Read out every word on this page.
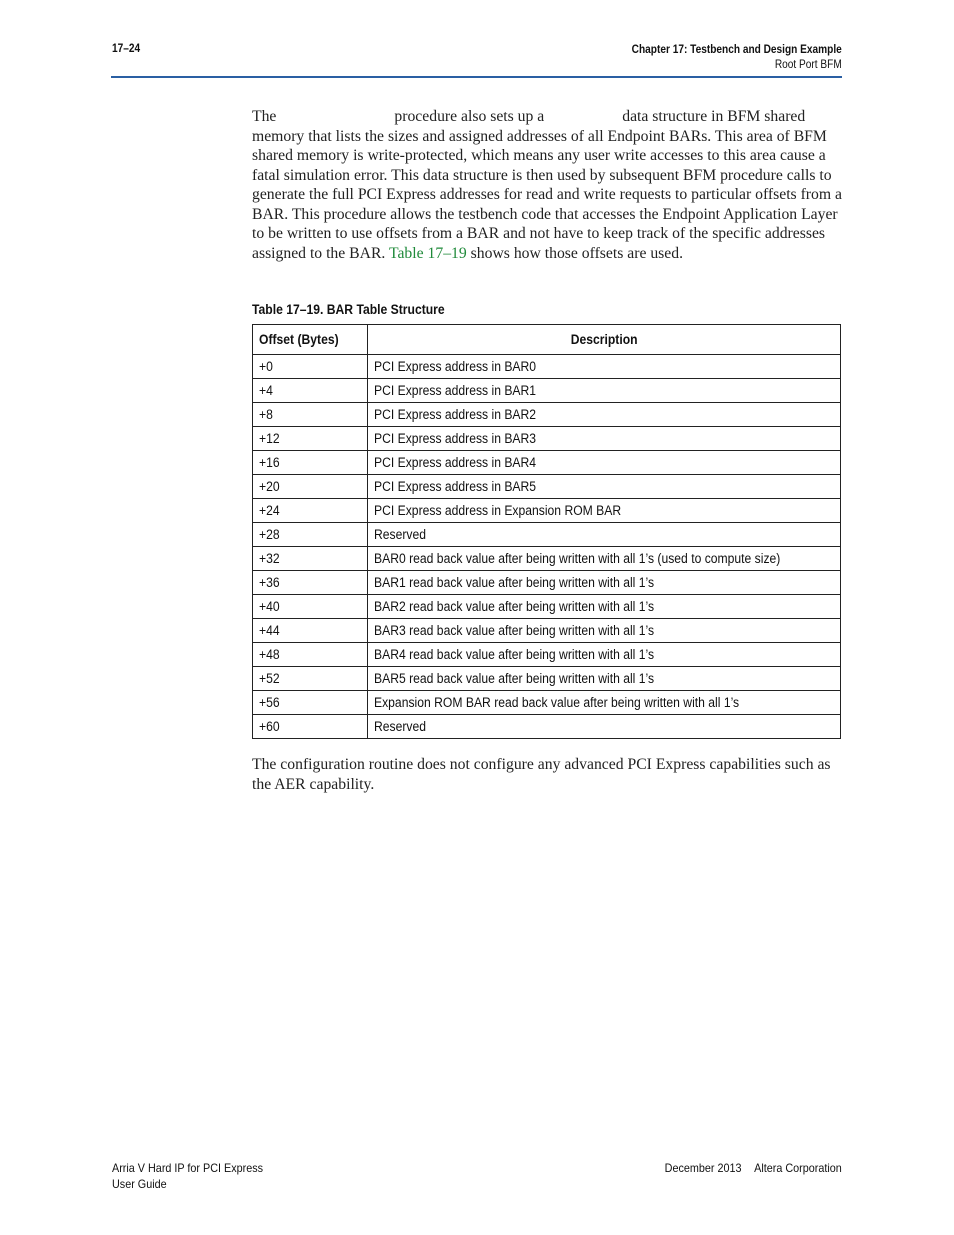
17–24	Chapter 17: Testbench and Design Example
Root Port BFM

The	procedure also sets up a	data structure in BFM shared memory that lists the sizes and assigned addresses of all Endpoint BARs. This area of BFM shared memory is write-protected, which means any user write accesses to this area cause a fatal simulation error. This data structure is then used by subsequent BFM procedure calls to generate the full PCI Express addresses for read and write requests to particular offsets from a BAR. This procedure allows the testbench code that accesses the Endpoint Application Layer to be written to use offsets from a BAR and not have to keep track of the specific addresses assigned to the BAR. Table 17–19 shows how those offsets are used.

Table 17–19. BAR Table Structure
Offset (Bytes)	Description
+0	PCI Express address in BAR0
+4	PCI Express address in BAR1
+8	PCI Express address in BAR2
+12	PCI Express address in BAR3
+16	PCI Express address in BAR4
+20	PCI Express address in BAR5
+24	PCI Express address in Expansion ROM BAR
+28	Reserved
+32	BAR0 read back value after being written with all 1’s (used to compute size)
+36	BAR1 read back value after being written with all 1’s
+40	BAR2 read back value after being written with all 1’s
+44	BAR3 read back value after being written with all 1’s
+48	BAR4 read back value after being written with all 1’s
+52	BAR5 read back value after being written with all 1’s
+56	Expansion ROM BAR read back value after being written with all 1’s
+60	Reserved
The configuration routine does not configure any advanced PCI Express capabilities such as the AER capability.
Arria V Hard IP for PCI Express
User Guide
December 2013 Altera Corporation
